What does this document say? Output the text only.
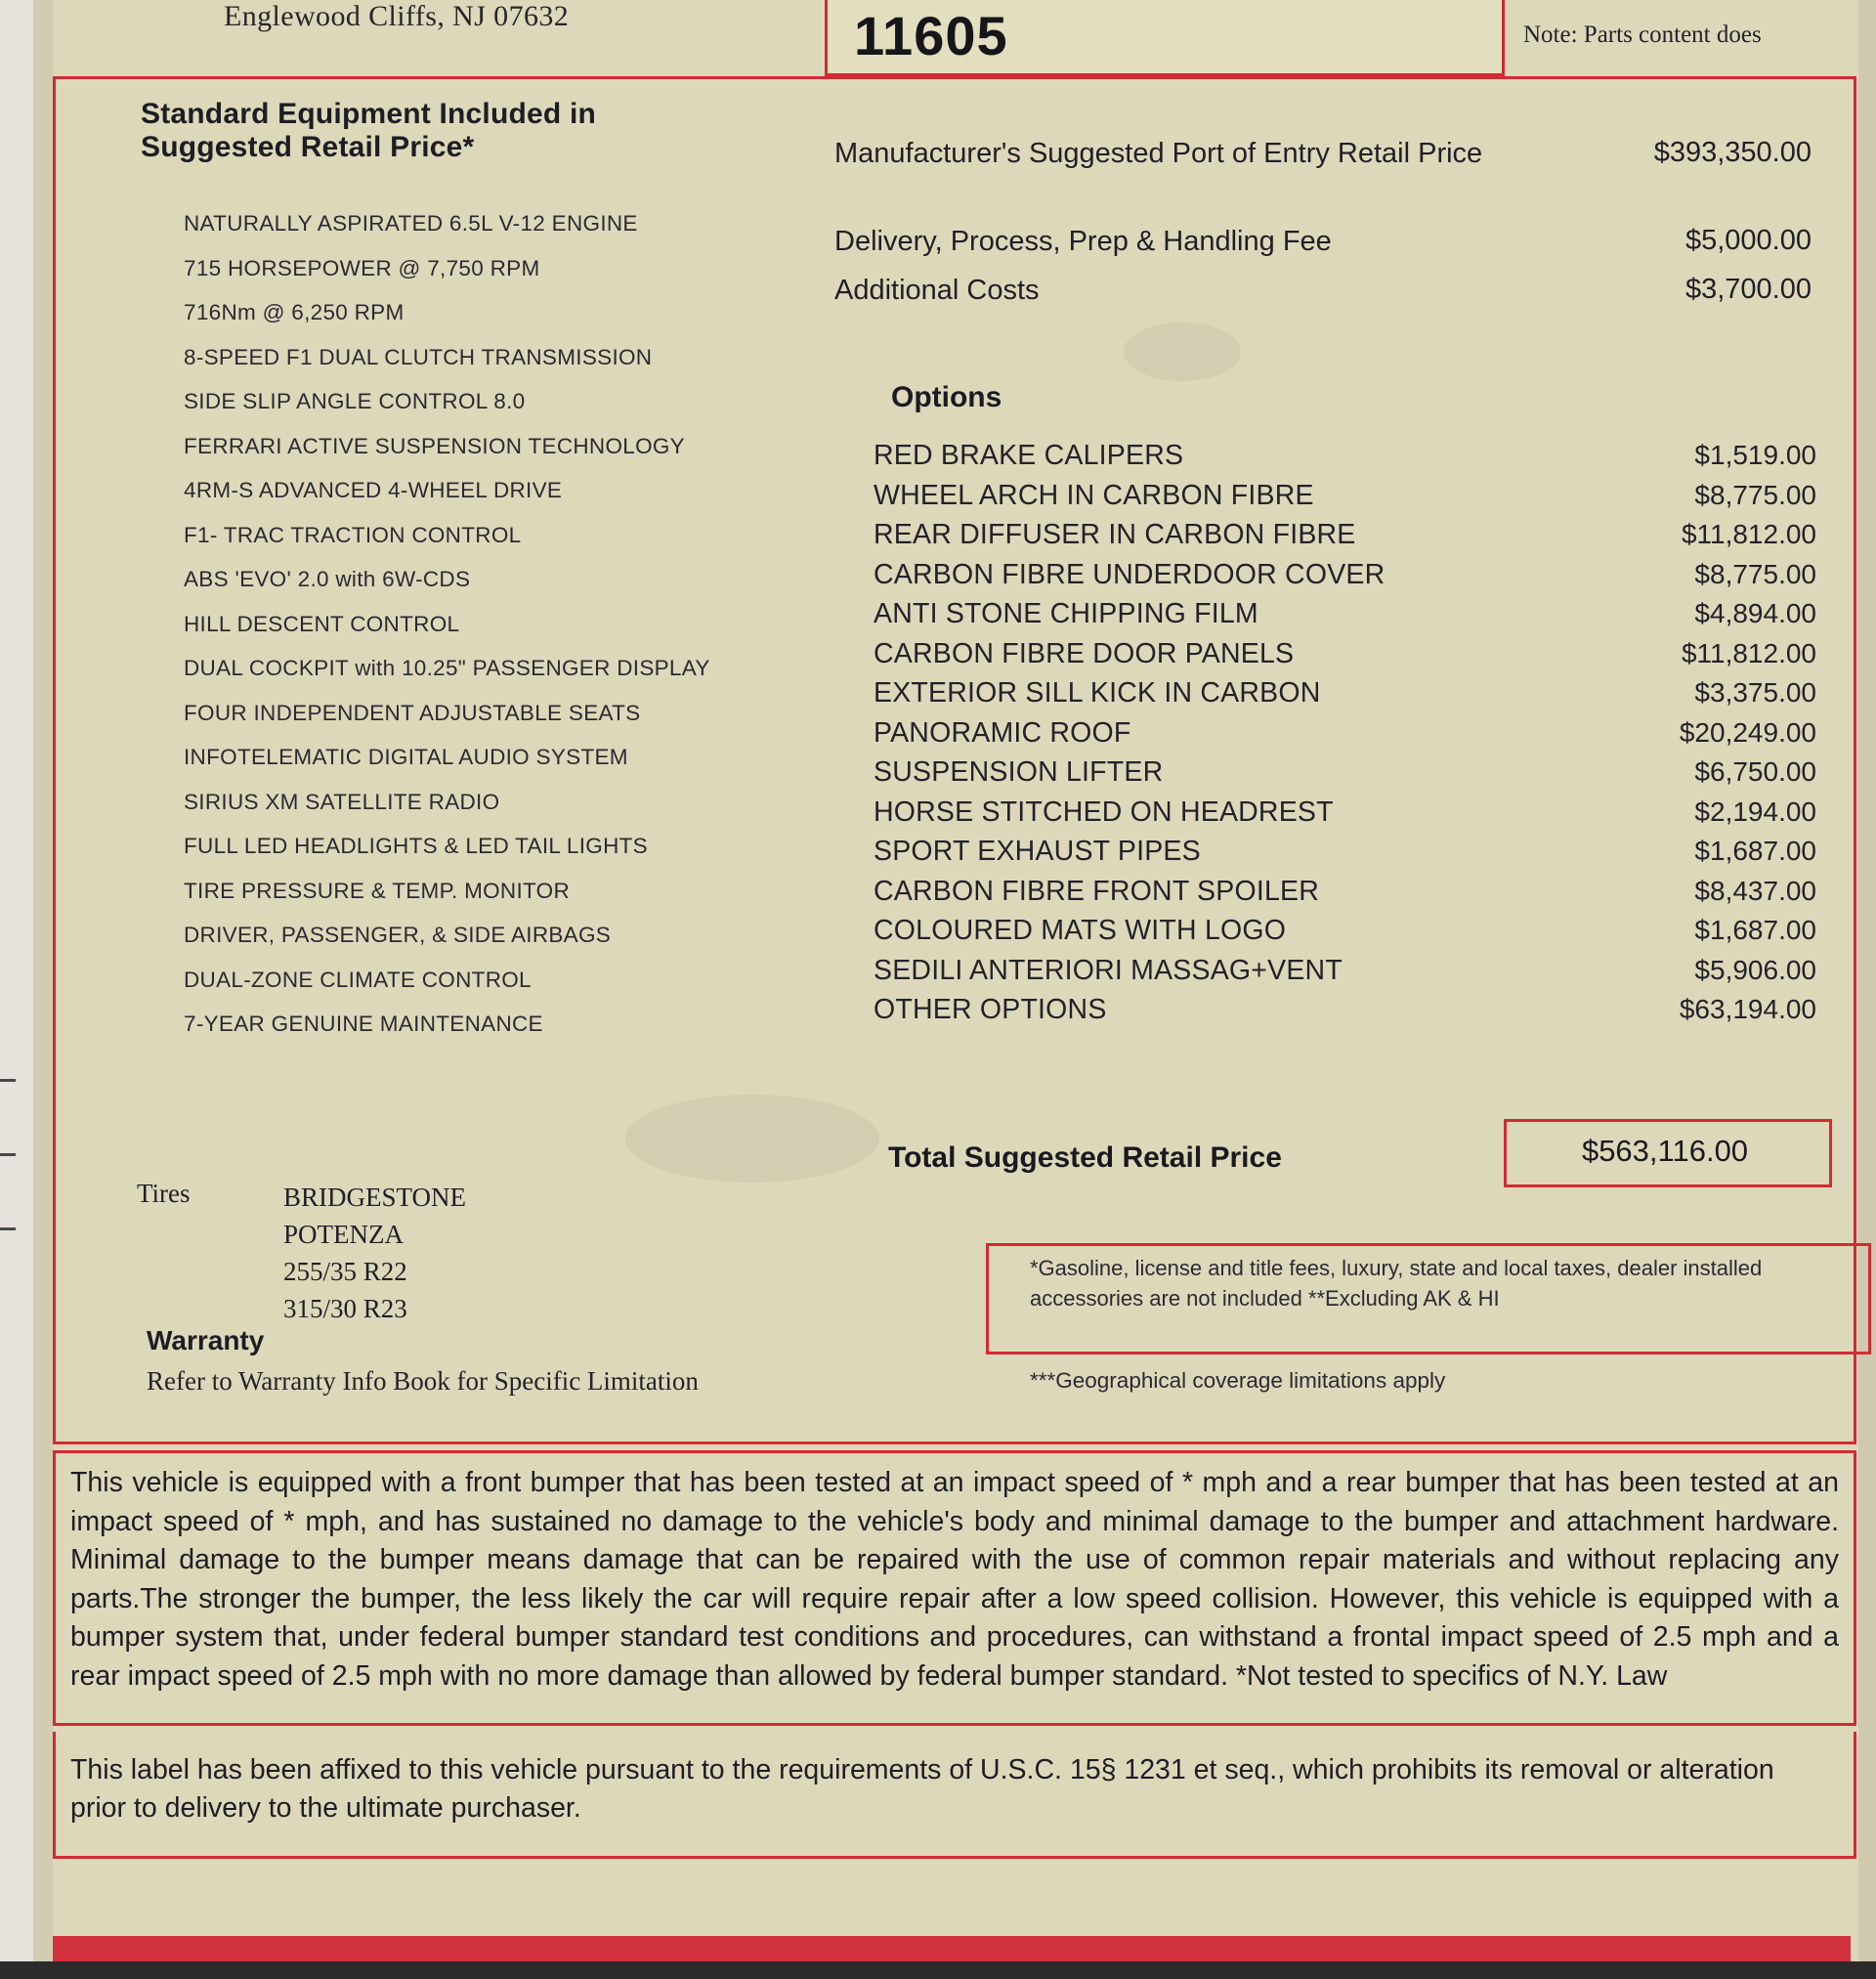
Englewood Cliffs, NJ 07632	11605	Note: Parts content does
Standard Equipment Included in Suggested Retail Price*
NATURALLY ASPIRATED 6.5L V-12 ENGINE
715 HORSEPOWER @ 7,750 RPM
716Nm @ 6,250 RPM
8-SPEED F1 DUAL CLUTCH TRANSMISSION
SIDE SLIP ANGLE CONTROL 8.0
FERRARI ACTIVE SUSPENSION TECHNOLOGY
4RM-S ADVANCED 4-WHEEL DRIVE
F1- TRAC TRACTION CONTROL
ABS 'EVO' 2.0 with 6W-CDS
HILL DESCENT CONTROL
DUAL COCKPIT with 10.25" PASSENGER DISPLAY
FOUR INDEPENDENT ADJUSTABLE SEATS
INFOTELEMATIC DIGITAL AUDIO SYSTEM
SIRIUS XM SATELLITE RADIO
FULL LED HEADLIGHTS & LED TAIL LIGHTS
TIRE PRESSURE & TEMP. MONITOR
DRIVER, PASSENGER, & SIDE AIRBAGS
DUAL-ZONE CLIMATE CONTROL
7-YEAR GENUINE MAINTENANCE
Tires	BRIDGESTONE POTENZA
255/35 R22
315/30 R23
Warranty
Refer to Warranty Info Book for Specific Limitation
Manufacturer's Suggested Port of Entry Retail Price	$393,350.00
Delivery, Process, Prep & Handling Fee	$5,000.00
Additional Costs	$3,700.00
Options
RED BRAKE CALIPERS	$1,519.00
WHEEL ARCH IN CARBON FIBRE	$8,775.00
REAR DIFFUSER IN CARBON FIBRE	$11,812.00
CARBON FIBRE UNDERDOOR COVER	$8,775.00
ANTI STONE CHIPPING FILM	$4,894.00
CARBON FIBRE DOOR PANELS	$11,812.00
EXTERIOR SILL KICK IN CARBON	$3,375.00
PANORAMIC ROOF	$20,249.00
SUSPENSION LIFTER	$6,750.00
HORSE STITCHED ON HEADREST	$2,194.00
SPORT EXHAUST PIPES	$1,687.00
CARBON FIBRE FRONT SPOILER	$8,437.00
COLOURED MATS WITH LOGO	$1,687.00
SEDILI ANTERIORI MASSAG+VENT	$5,906.00
OTHER OPTIONS	$63,194.00
Total Suggested Retail Price	$563,116.00
*Gasoline, license and title fees, luxury, state and local taxes, dealer installed accessories are not included **Excluding AK & HI
***Geographical coverage limitations apply
This vehicle is equipped with a front bumper that has been tested at an impact speed of * mph and a rear bumper that has been tested at an impact speed of * mph, and has sustained no damage to the vehicle's body and minimal damage to the bumper and attachment hardware. Minimal damage to the bumper means damage that can be repaired with the use of common repair materials and without replacing any parts.The stronger the bumper, the less likely the car will require repair after a low speed collision. However, this vehicle is equipped with a bumper system that, under federal bumper standard test conditions and procedures, can withstand a frontal impact speed of 2.5 mph and a rear impact speed of 2.5 mph with no more damage than allowed by federal bumper standard. *Not tested to specifics of N.Y. Law
This label has been affixed to this vehicle pursuant to the requirements of U.S.C. 15§ 1231 et seq., which prohibits its removal or alteration prior to delivery to the ultimate purchaser.
